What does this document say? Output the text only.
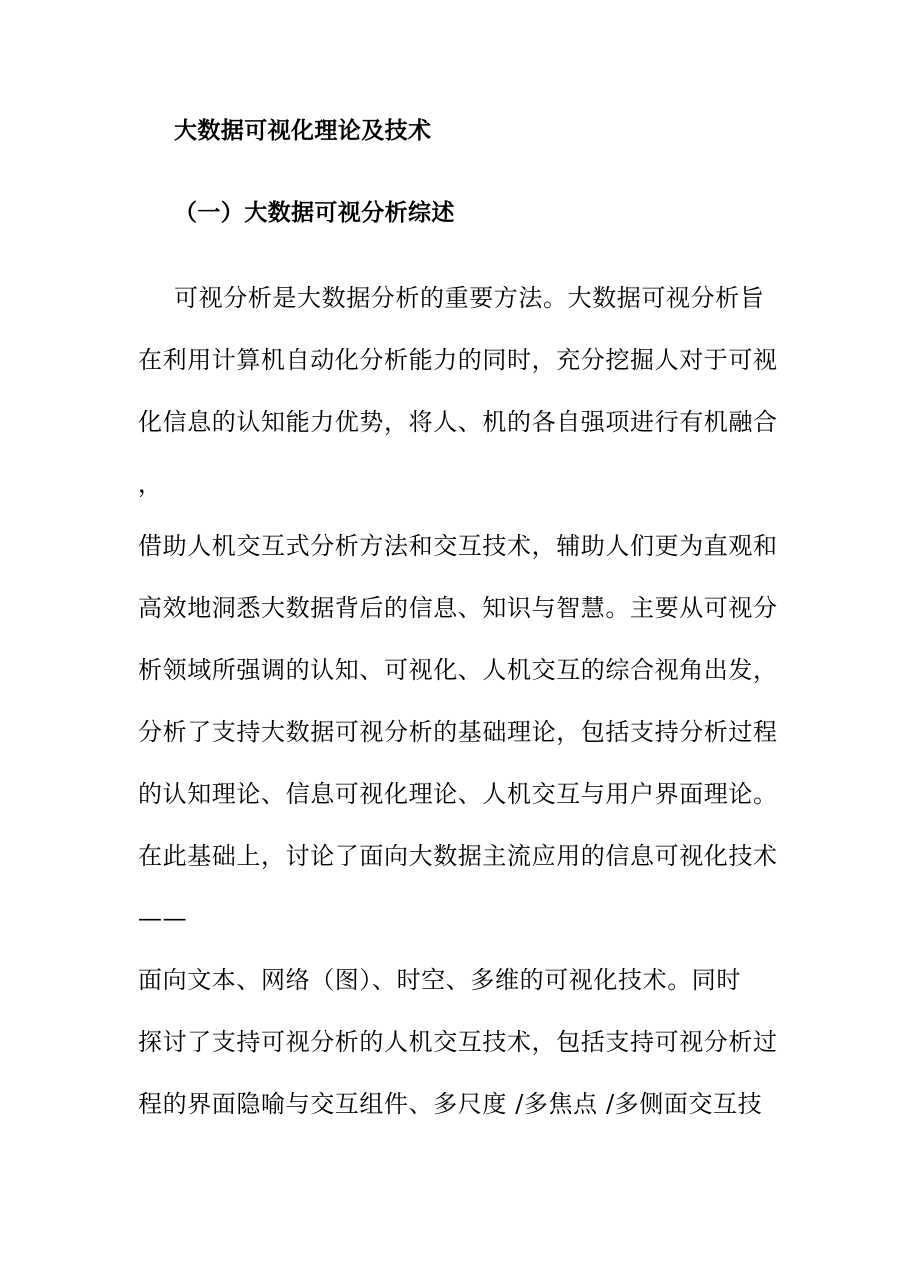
大数据可视化理论及技术
（一）大数据可视分析综述
可视分析是大数据分析的重要方法。大数据可视分析旨
在利用计算机自动化分析能力的同时，充分挖掘人对于可视
化信息的认知能力优势，将人、机的各自强项进行有机融合
，
借助人机交互式分析方法和交互技术，辅助人们更为直观和
高效地洞悉大数据背后的信息、知识与智慧。主要从可视分
析领域所强调的认知、可视化、人机交互的综合视角出发，
分析了支持大数据可视分析的基础理论，包括支持分析过程
的认知理论、信息可视化理论、人机交互与用户界面理论。
在此基础上，讨论了面向大数据主流应用的信息可视化技术
——
面向文本、网络（图）、时空、多维的可视化技术。同时
探讨了支持可视分析的人机交互技术，包括支持可视分析过
程的界面隐喻与交互组件、多尺度 /多焦点 /多侧面交互技
